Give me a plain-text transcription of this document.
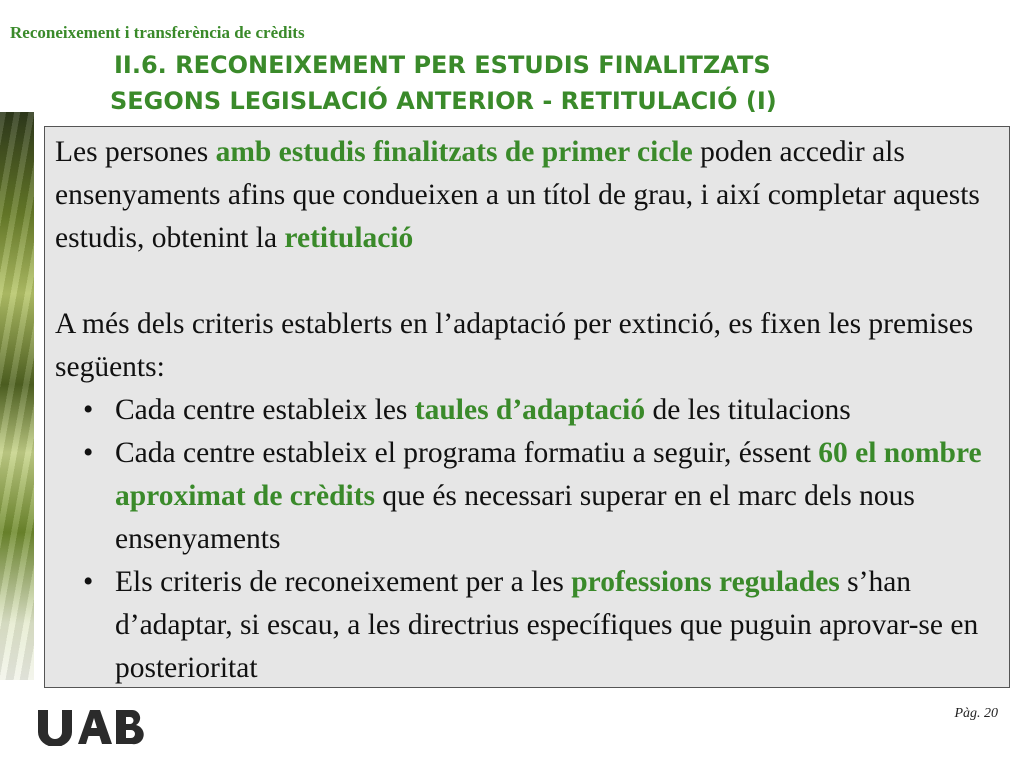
Reconeixement i transferència de crèdits
II.6. RECONEIXEMENT PER ESTUDIS FINALITZATS
SEGONS LEGISLACIÓ ANTERIOR - RETITULACIÓ (I)

Les persones amb estudis finalitzats de primer cicle poden accedir als ensenyaments afins que condueixen a un títol de grau, i així completar aquests estudis, obtenint la retitulació

A més dels criteris establerts en l’adaptació per extinció, es fixen les premises següents:

• Cada centre estableix les taules d’adaptació de les titulacions
• Cada centre estableix el programa formatiu a seguir, éssent 60 el nombre aproximat de crèdits que és necessari superar en el marc dels nous ensenyaments
• Els criteris de reconeixement per a les professions regulades s’han d’adaptar, si escau, a les directrius específiques que puguin aprovar-se en posterioritat
Pàg. 20
